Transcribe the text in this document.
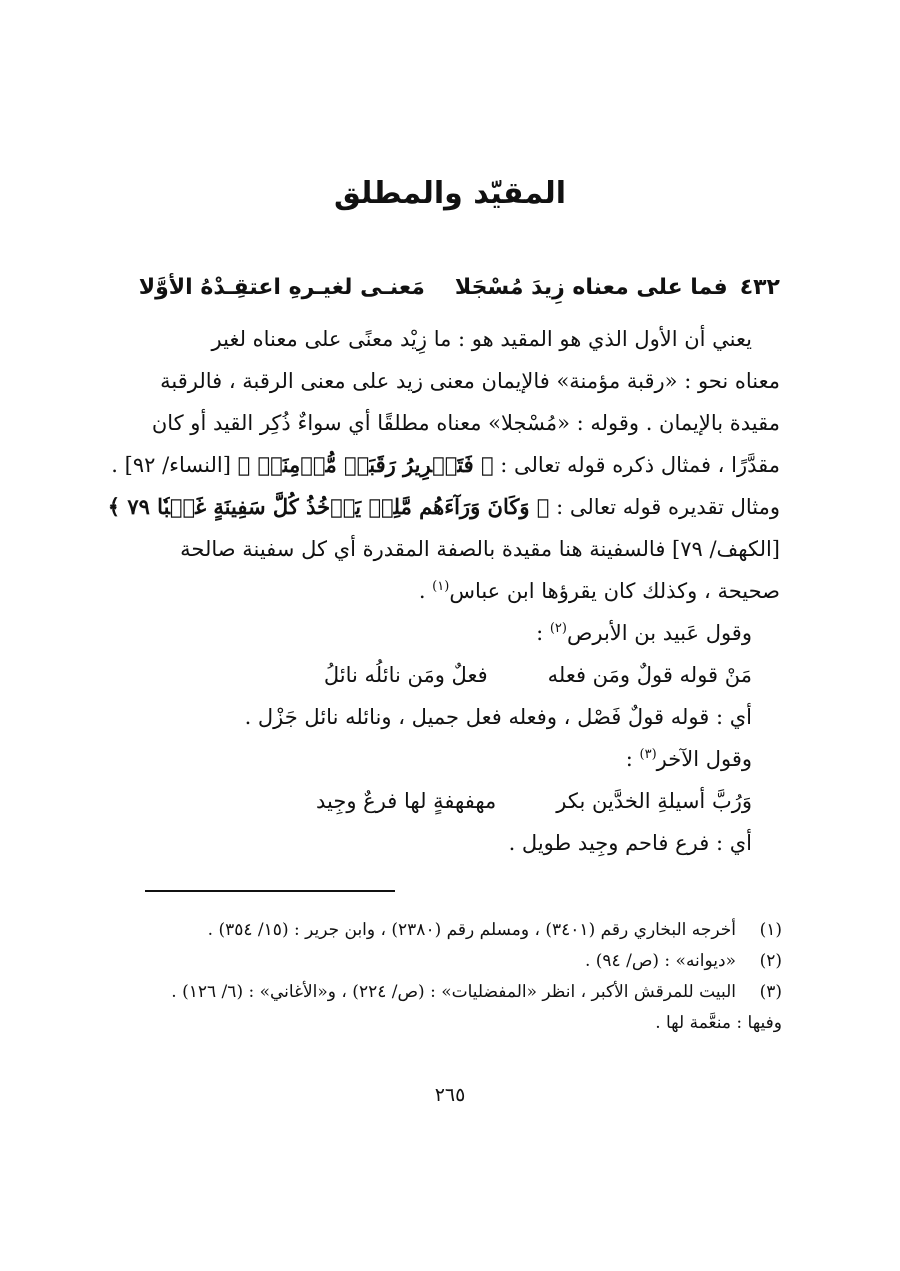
المقيّد والمطلق
٤٣٢
فما على معناه زِيدَ مُسْجَلا
مَعنـى لغيـرهِ اعتقِـدْهُ الأوَّلا

يعني أن الأول الذي هو المقيد هو : ما زِيْد معنًى على معناه لغير

معناه نحو : «رقبة مؤمنة» فالإيمان معنى زيد على معنى الرقبة ، فالرقبة

مقيدة بالإيمان . وقوله : «مُسْجلا» معناه مطلقًا أي سواءٌ ذُكِر القيد أو كان

مقدَّرًا ، فمثال ذكره قوله تعالى : ﴿ فَتَحۡرِيرُ رَقَبَةٖ مُّؤۡمِنَةٖ ﴾ [النساء/ ٩٢] .

ومثال تقديره قوله تعالى : ﴿ وَكَانَ وَرَآءَهُم مَّلِكٞ يَأۡخُذُ كُلَّ سَفِينَةٍ غَصۡبٗا ٧٩ ﴾

[الكهف/ ٧٩] فالسفينة هنا مقيدة بالصفة المقدرة أي كل سفينة صالحة

صحيحة ، وكذلك كان يقرؤها ابن عباس$^{(١)}$ .

وقول عَبيد بن الأبرص$^{(٢)}$ :

مَنْ قوله قولٌ ومَن فعله
فعلٌ ومَن نائلُه نائلُ

أي : قوله قولٌ فَصْل ، وفعله فعل جميل ، ونائله نائل جَزْل .

وقول الآخر$^{(٣)}$ :

وَرُبَّ أسيلةِ الخدَّين بكر
مهفهفةٍ لها فرعٌ وجِيد

أي : فرع فاحم وجِيد طويل .

(١)
أخرجه البخاري رقم (٣٤٠١) ، ومسلم رقم (٢٣٨٠) ، وابن جرير : (١٥/ ٣٥٤) .
(٢)
«ديوانه» : (ص/ ٩٤) .
(٣)
البيت للمرقش الأكبر ، انظر «المفضليات» : (ص/ ٢٢٤) ، و«الأغاني» : (٦/ ١٢٦) .
وفيها : منعَّمة لها .
٢٦٥
